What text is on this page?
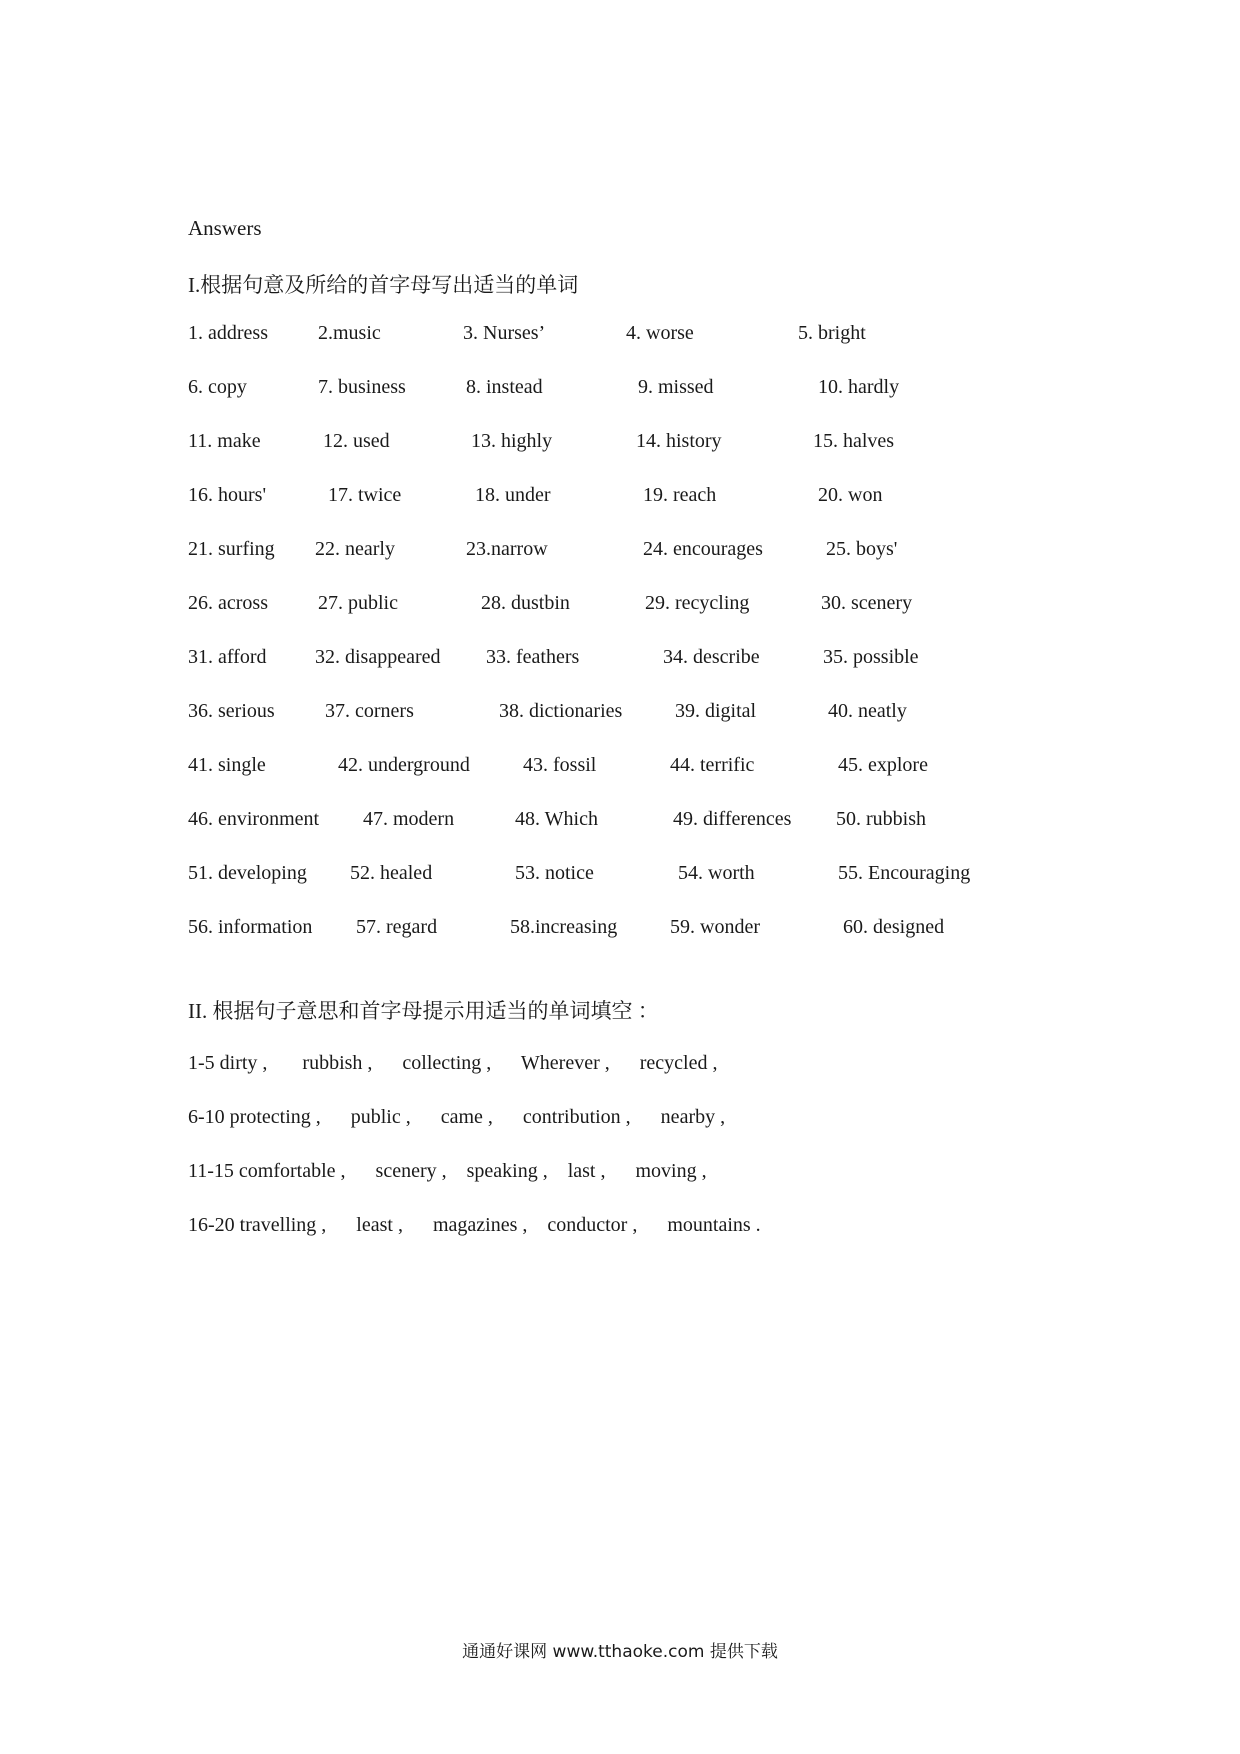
Answers
I.根据句意及所给的首字母写出适当的单词
1. address	2.music	3. Nurses’	4. worse	5. bright
6. copy	7. business	8. instead	9. missed	10. hardly
11. make	12. used	13. highly	14. history	15. halves
16. hours'	17. twice	18. under	19. reach	20. won
21. surfing 22. nearly	23.narrow	24. encourages	25. boys'
26. across	27. public	28. dustbin	29. recycling	30. scenery
31. afford 32. disappeared 33. feathers	34. describe	35. possible
36. serious	37. corners	38. dictionaries	39. digital	40. neatly
41. single	42. underground	43. fossil	44. terrific	45. explore
46. environment 47. modern	48. Which	49. differences 50. rubbish
51. developing 52. healed	53. notice	54. worth	55. Encouraging
56. information 57. regard	58.increasing	59. wonder	60. designed
II. 根据句子意思和首字母提示用适当的单词填空 ：
1-5 dirty ,       rubbish ,      collecting ,      Wherever ,      recycled ,
6-10 protecting ,      public ,      came ,      contribution ,      nearby ,
11-15 comfortable ,      scenery ,    speaking ,    last ,      moving ,
16-20 travelling ,      least ,      magazines ,    conductor ,      mountains .
通通好课网 www.tthaoke.com 提供下载
